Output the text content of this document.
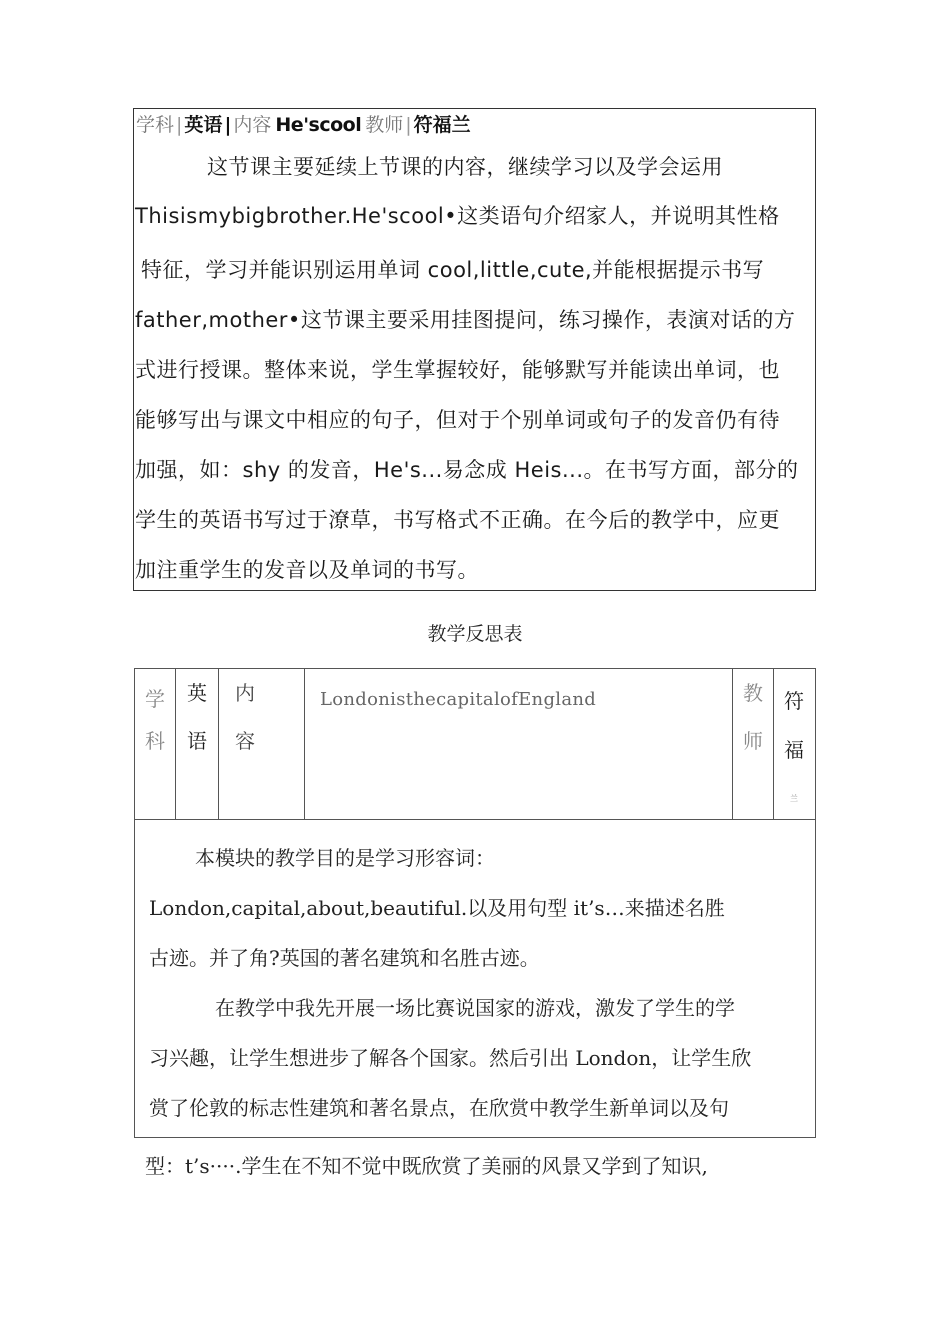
学科 | 英语 | 内容 He'scool 教师 | 符福兰
这节课主要延续上节课的内容，继续学习以及学会运用
Thisismybigbrother.He'scool•这类语句介绍家人，并说明其性格
特征，学习并能识别运用单词 cool,little,cute,并能根据提示书写
father,mother•这节课主要采用挂图提问，练习操作，表演对话的方
式进行授课。整体来说，学生掌握较好，能够默写并能读出单词，也
能够写出与课文中相应的句子，但对于个别单词或句子的发音仍有待
加强，如：shy 的发音，He's...易念成 Heis...。在书写方面，部分的
学生的英语书写过于潦草，书写格式不正确。在今后的教学中，应更
加注重学生的发音以及单词的书写。
教学反思表
学
科
英
语
内
容
LondonisthecapitalofEngland	教
师
符
福
兰
本模块的教学目的是学习形容词：
London,capital,about,beautiful.以及用句型 it’s…来描述名胜
古迹。并了角?英国的著名建筑和名胜古迹。
在教学中我先开展一场比赛说国家的游戏，激发了学生的学
习兴趣，让学生想进步了解各个国家。然后引出 London，让学生欣
赏了伦敦的标志性建筑和著名景点，在欣赏中教学生新单词以及句
型：t’s····.学生在不知不觉中既欣赏了美丽的风景又学到了知识,
